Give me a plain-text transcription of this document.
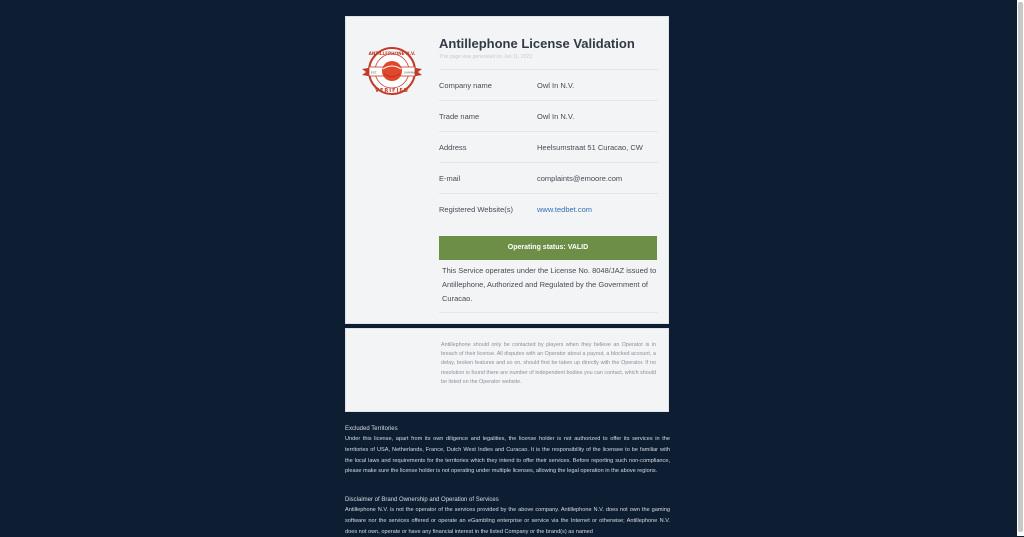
ANTILLEPHONE N.V.
VERIFIED
EST.	GAMING
Antillephone License Validation
This page was generated on Jan 11, 2023
Company name	Owl In N.V.
Trade name	Owl In N.V.
Address	Heelsumstraat 51 Curacao, CW
E-mail	complaints@emoore.com
Registered Website(s)	www.tedbet.com
Operating status: VALID
This Service operates under the License No. 8048/JAZ issued to Antillephone, Authorized and Regulated by the Government of Curacao.
Antillephone should only be contacted by players when they believe an Operator is in breach of their license. All disputes with an Operator about a payout, a blocked account, a delay, broken features and so on, should first be taken up directly with the Operator. If no resolution is found there are number of independent bodies you can contact, which should be listed on the Operator website.
Excluded Territories
Under this license, apart from its own diligence and legalities, the license holder is not authorized to offer its services in the territories of USA, Netherlands, France, Dutch West Indies and Curacao. It is the responsibility of the licensee to be familiar with the local laws and requirements for the territories which they intend to offer their services. Before reporting such non-compliance, please make sure the license holder is not operating under multiple licenses, allowing the legal operation in the above regions.
Disclaimer of Brand Ownership and Operation of Services
Antillephone N.V. is not the operator of the services provided by the above company. Antillephone N.V. does not own the gaming software nor the services offered or operate an eGambling enterprise or service via the Internet or otherwise; Antillephone N.V. does not own, operate or have any financial interest in the listed Company or the brand(s) as named
